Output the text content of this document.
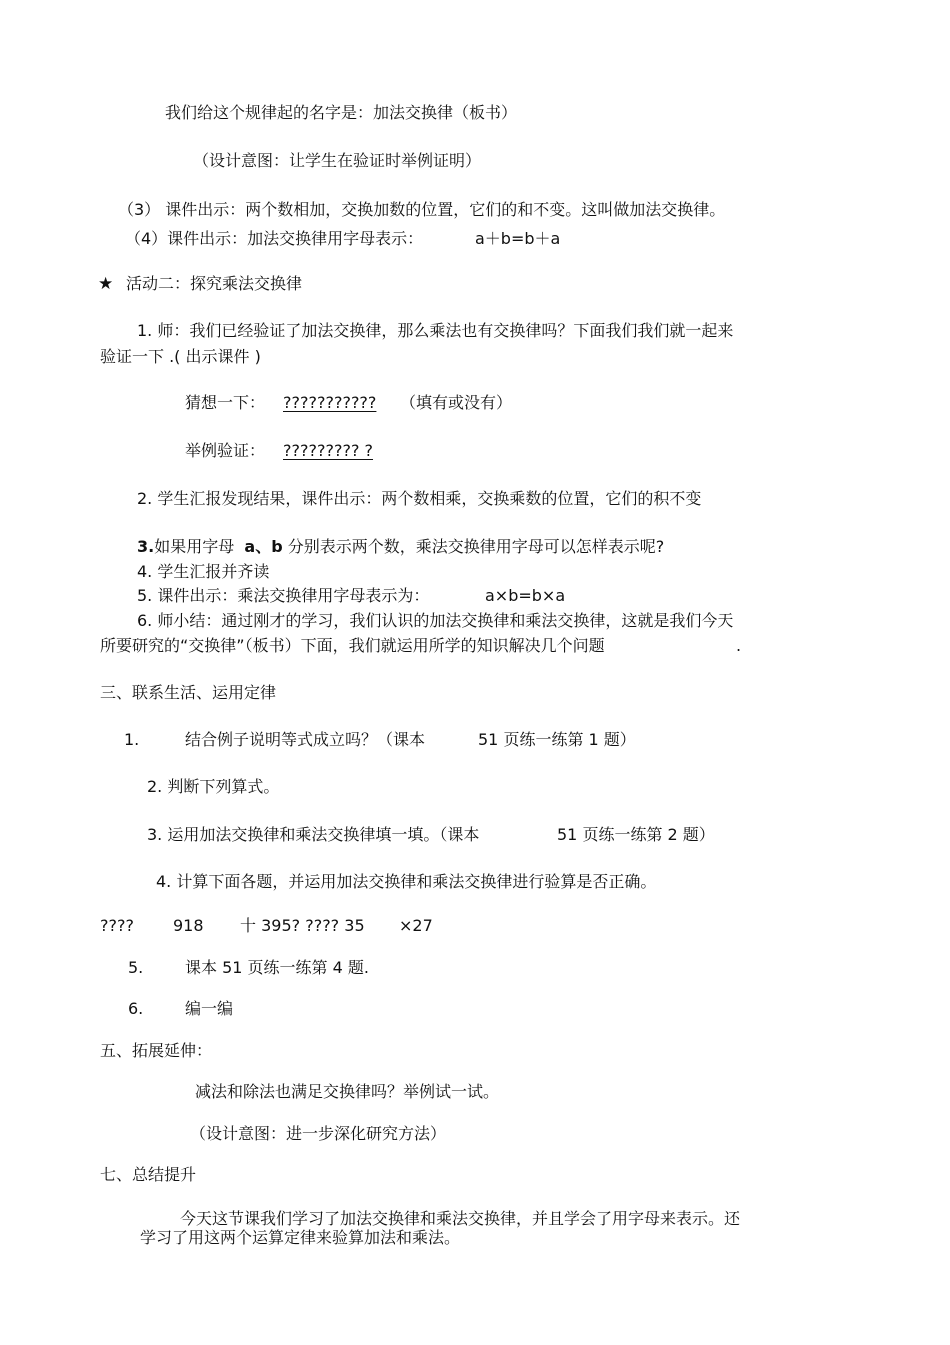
我们给这个规律起的名字是：加法交换律（板书）
（设计意图：让学生在验证时举例证明）
（3） 课件出示：两个数相加，交换加数的位置，它们的和不变。这叫做加法交换律。
（4）课件出示：加法交换律用字母表示：	a＋b=b＋a
★ 活动二：探究乘法交换律
1. 师：我们已经验证了加法交换律，那么乘法也有交换律吗？下面我们我们就一起来
验证一下 .( 出示课件 )
猜想一下： ??????????? （填有或没有）
举例验证： ????????? ?
2. 学生汇报发现结果，课件出示：两个数相乘，交换乘数的位置，它们的积不变
3.如果用字母 a、b 分别表示两个数，乘法交换律用字母可以怎样表示呢?
4. 学生汇报并齐读
5. 课件出示：乘法交换律用字母表示为：	a×b=b×a
6. 师小结：通过刚才的学习，我们认识的加法交换律和乘法交换律，这就是我们今天
所要研究的“交换律”（板书）下面，我们就运用所学的知识解决几个问题	.
三、联系生活、运用定律
1.	结合例子说明等式成立吗？（课本	51 页练一练第 1 题）
2. 判断下列算式。
3. 运用加法交换律和乘法交换律填一填。（课本	51 页练一练第 2 题）
4. 计算下面各题，并运用加法交换律和乘法交换律进行验算是否正确。
???? 918 十 395? ???? 35 ×27
5.	课本 51 页练一练第 4 题.
6.	编一编
五、拓展延伸：
减法和除法也满足交换律吗？举例试一试。
（设计意图：进一步深化研究方法）
七、总结提升
今天这节课我们学习了加法交换律和乘法交换律，并且学会了用字母来表示。还
学习了用这两个运算定律来验算加法和乘法。
